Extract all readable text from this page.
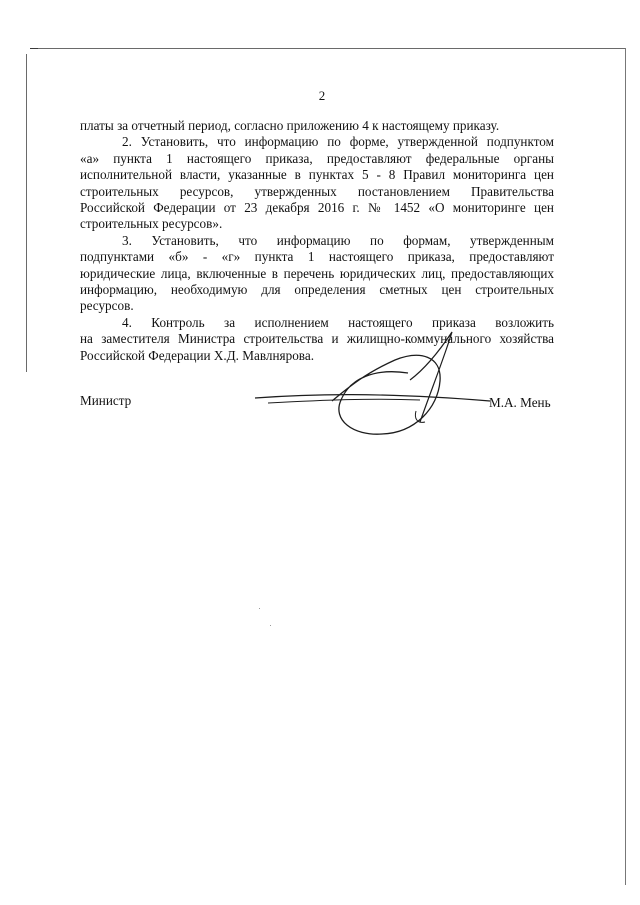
2
платы за отчетный период, согласно приложению 4 к настоящему приказу.
2. Установить, что информацию по форме, утвержденной подпунктом
«а» пункта 1 настоящего приказа, предоставляют федеральные органы
исполнительной власти, указанные в пунктах 5 - 8 Правил мониторинга цен
строительных ресурсов, утвержденных постановлением Правительства
Российской Федерации от 23 декабря 2016 г. № 1452 «О мониторинге цен
строительных ресурсов».
3. Установить, что информацию по формам, утвержденным
подпунктами «б» - «г» пункта 1 настоящего приказа, предоставляют
юридические лица, включенные в перечень юридических лиц, предоставляющих
информацию, необходимую для определения сметных цен строительных
ресурсов.
4. Контроль за исполнением настоящего приказа возложить
на заместителя Министра строительства и жилищно-коммунального хозяйства
Российской Федерации Х.Д. Мавлнярова.
Министр	М.А. Мень
